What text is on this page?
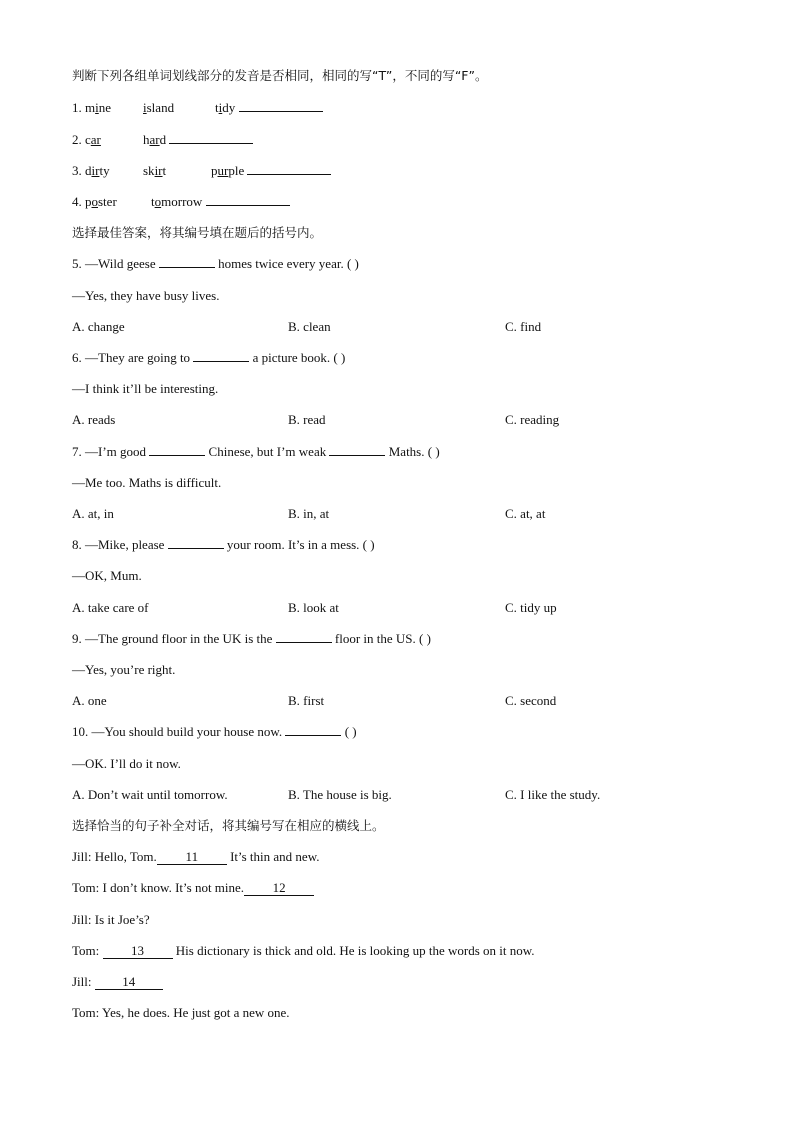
判断下列各组单词划线部分的发音是否相同，相同的写“T”，不同的写“F”。
1. mine island	tidy
2. car	hard
3. dirty	skirt	purple
4. poster	tomorrow
选择最佳答案，将其编号填在题后的括号内。
5. —Wild geese	homes twice every year. ( )
—Yes, they have busy lives.
A. change	B. clean	C. find
6. —They are going to	a picture book. ( )
—I think it’ll be interesting.
A. reads	B. read	C. reading
7. —I’m good	Chinese, but I’m weak	Maths. ( )
—Me too. Maths is difficult.
A. at, in	B. in, at	C. at, at
8. —Mike, please	your room. It’s in a mess. ( )
—OK, Mum.
A. take care of	B. look at	C. tidy up
9. —The ground floor in the UK is the	floor in the US. ( )
—Yes, you’re right.
A. one	B. first	C. second
10. —You should build your house now.	( )
—OK. I’ll do it now.
A. Don’t wait until tomorrow.	B. The house is big.	C. I like the study.
选择恰当的句子补全对话，将其编号写在相应的横线上。
Jill: Hello, Tom. 11 It’s thin and new.
Tom: I don’t know. It’s not mine. 12
Jill: Is it Joe’s?
Tom: 13 His dictionary is thick and old. He is looking up the words on it now.
Jill: 14
Tom: Yes, he does. He just got a new one.
